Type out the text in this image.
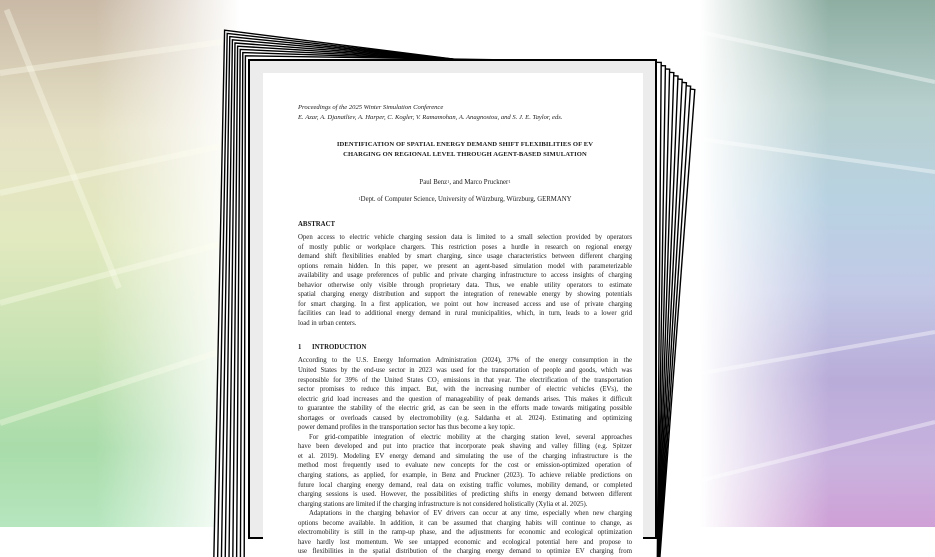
Proceedings of the 2025 Winter Simulation Conference
E. Azar, A. Djanatliev, A. Harper, C. Kogler, V. Ramamohan, A. Anagnostou, and S. J. E. Taylor, eds.
IDENTIFICATION OF SPATIAL ENERGY DEMAND SHIFT FLEXIBILITIES OF EV
CHARGING ON REGIONAL LEVEL THROUGH AGENT-BASED SIMULATION
Paul Benz$^1$, and Marco Pruckner$^1$
$^1$Dept. of Computer Science, University of Würzburg, Würzburg, GERMANY
ABSTRACT
Open access to electric vehicle charging session data is limited to a small selection provided by operators
of mostly public or workplace chargers. This restriction poses a hurdle in research on regional energy
demand shift flexibilities enabled by smart charging, since usage characteristics between different charging
options remain hidden. In this paper, we present an agent-based simulation model with parameterizable
availability and usage preferences of public and private charging infrastructure to access insights of charging
behavior otherwise only visible through proprietary data. Thus, we enable utility operators to estimate
spatial charging energy distribution and support the integration of renewable energy by showing potentials
for smart charging. In a first application, we point out how increased access and use of private charging
facilities can lead to additional energy demand in rural municipalities, which, in turn, leads to a lower grid
load in urban centers.
1 INTRODUCTION
According to the U.S. Energy Information Administration (2024), 37% of the energy consumption in the
United States by the end-use sector in 2023 was used for the transportation of people and goods, which was
responsible for 39% of the United States CO₂ emissions in that year. The electrification of the transportation
sector promises to reduce this impact. But, with the increasing number of electric vehicles (EVs), the
electric grid load increases and the question of manageability of peak demands arises. This makes it difficult
to guarantee the stability of the electric grid, as can be seen in the efforts made towards mitigating possible
shortages or overloads caused by electromobility (e.g. Saldanha et al. 2024). Estimating and optimizing
power demand profiles in the transportation sector has thus become a key topic.
For grid-compatible integration of electric mobility at the charging station level, several approaches
have been developed and put into practice that incorporate peak shaving and valley filling (e.g. Spitzer
et al. 2019). Modeling EV energy demand and simulating the use of the charging infrastructure is the
method most frequently used to evaluate new concepts for the cost or emission-optimized operation of
charging stations, as applied, for example, in Benz and Pruckner (2023). To achieve reliable predictions on
future local charging energy demand, real data on existing traffic volumes, mobility demand, or completed
charging sessions is used. However, the possibilities of predicting shifts in energy demand between different
charging stations are limited if the charging infrastructure is not considered holistically (Xylia et al. 2025).
Adaptations in the charging behavior of EV drivers can occur at any time, especially when new charging
options become available. In addition, it can be assumed that charging habits will continue to change, as
electromobility is still in the ramp-up phase, and the adjustments for economic and ecological optimization
have hardly lost momentum. We see untapped economic and ecological potential here and propose to
use flexibilities in the spatial distribution of the charging energy demand to optimize EV charging from
